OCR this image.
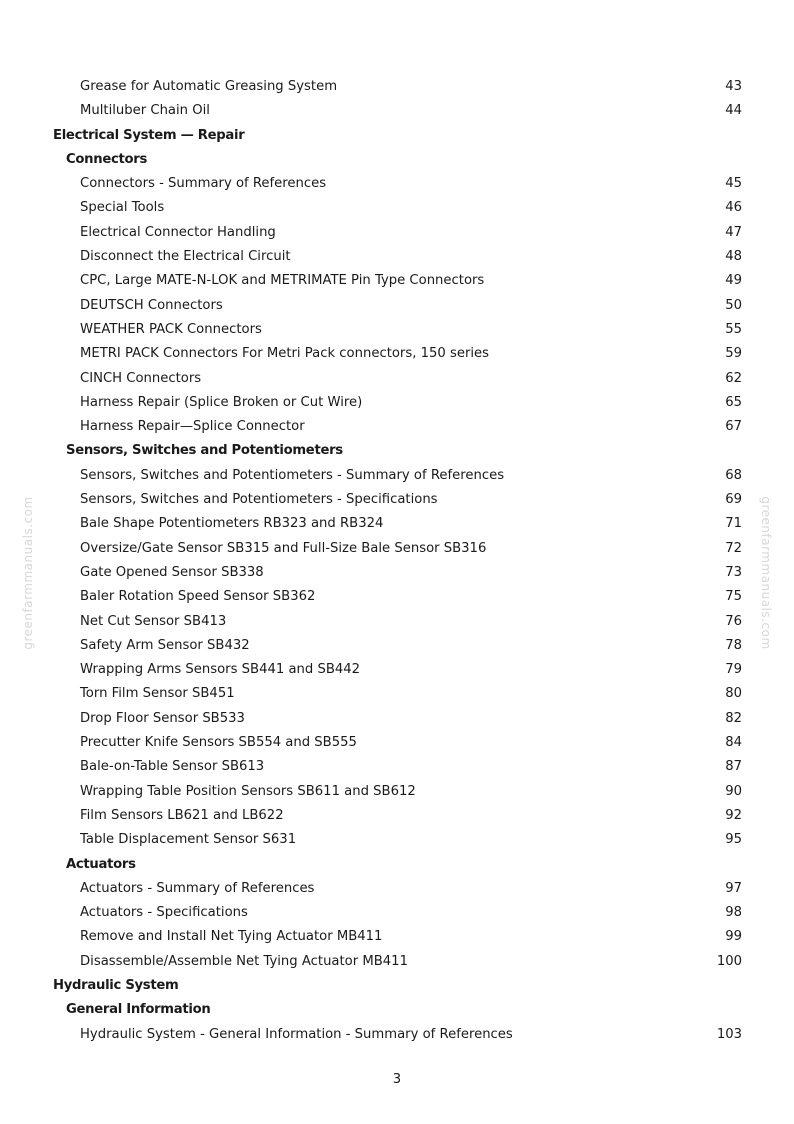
greenfarmmanuals.com	greenfarmmanuals.com
Grease for Automatic Greasing System	43
Multiluber Chain Oil	44
Electrical System — Repair
Connectors
Connectors - Summary of References	45
Special Tools	46
Electrical Connector Handling	47
Disconnect the Electrical Circuit	48
CPC, Large MATE-N-LOK and METRIMATE Pin Type Connectors	49
DEUTSCH Connectors	50
WEATHER PACK Connectors	55
METRI PACK Connectors For Metri Pack connectors, 150 series	59
CINCH Connectors	62
Harness Repair (Splice Broken or Cut Wire)	65
Harness Repair—Splice Connector	67
Sensors, Switches and Potentiometers
Sensors, Switches and Potentiometers - Summary of References	68
Sensors, Switches and Potentiometers - Specifications	69
Bale Shape Potentiometers RB323 and RB324	71
Oversize/Gate Sensor SB315 and Full-Size Bale Sensor SB316	72
Gate Opened Sensor SB338	73
Baler Rotation Speed Sensor SB362	75
Net Cut Sensor SB413	76
Safety Arm Sensor SB432	78
Wrapping Arms Sensors SB441 and SB442	79
Torn Film Sensor SB451	80
Drop Floor Sensor SB533	82
Precutter Knife Sensors SB554 and SB555	84
Bale-on-Table Sensor SB613	87
Wrapping Table Position Sensors SB611 and SB612	90
Film Sensors LB621 and LB622	92
Table Displacement Sensor S631	95
Actuators
Actuators - Summary of References	97
Actuators - Specifications	98
Remove and Install Net Tying Actuator MB411	99
Disassemble/Assemble Net Tying Actuator MB411	100
Hydraulic System
General Information
Hydraulic System - General Information - Summary of References	103
3
